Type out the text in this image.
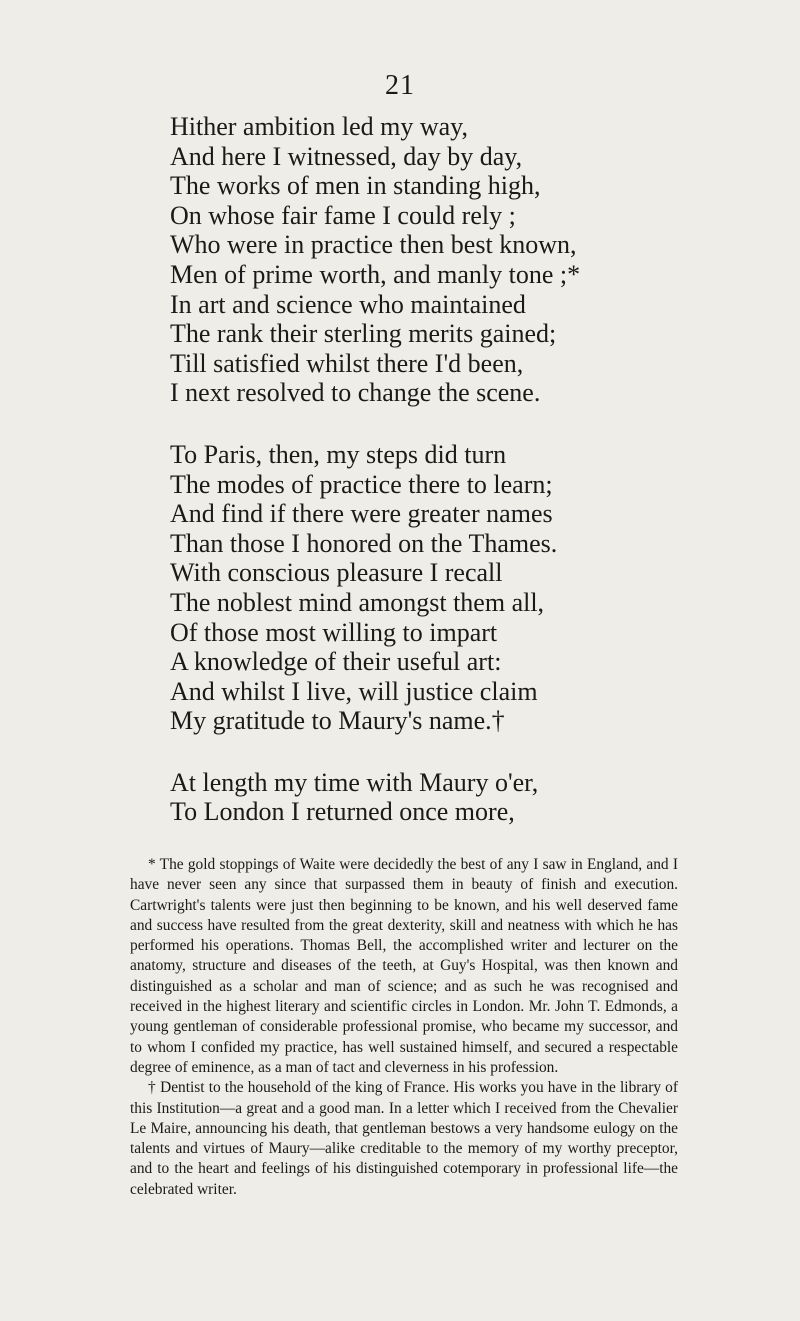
21
Hither ambition led my way,
And here I witnessed, day by day,
The works of men in standing high,
On whose fair fame I could rely ;
Who were in practice then best known,
Men of prime worth, and manly tone ;*
In art and science who maintained
The rank their sterling merits gained;
Till satisfied whilst there I'd been,
I next resolved to change the scene.
To Paris, then, my steps did turn
The modes of practice there to learn;
And find if there were greater names
Than those I honored on the Thames.
With conscious pleasure I recall
The noblest mind amongst them all,
Of those most willing to impart
A knowledge of their useful art:
And whilst I live, will justice claim
My gratitude to Maury's name.†
At length my time with Maury o'er,
To London I returned once more,

* The gold stoppings of Waite were decidedly the best of any I saw in England, and I have never seen any since that surpassed them in beauty of finish and execution. Cartwright's talents were just then beginning to be known, and his well deserved fame and success have resulted from the great dexterity, skill and neatness with which he has performed his operations. Thomas Bell, the accomplished writer and lecturer on the anatomy, structure and diseases of the teeth, at Guy's Hospital, was then known and distinguished as a scholar and man of science; and as such he was recognised and received in the highest literary and scientific circles in London. Mr. John T. Edmonds, a young gentleman of considerable professional promise, who became my successor, and to whom I confided my practice, has well sustained himself, and secured a respectable degree of eminence, as a man of tact and cleverness in his profession.

† Dentist to the household of the king of France. His works you have in the library of this Institution—a great and a good man. In a letter which I received from the Chevalier Le Maire, announcing his death, that gentleman bestows a very handsome eulogy on the talents and virtues of Maury—alike creditable to the memory of my worthy preceptor, and to the heart and feelings of his distinguished cotemporary in professional life—the celebrated writer.
